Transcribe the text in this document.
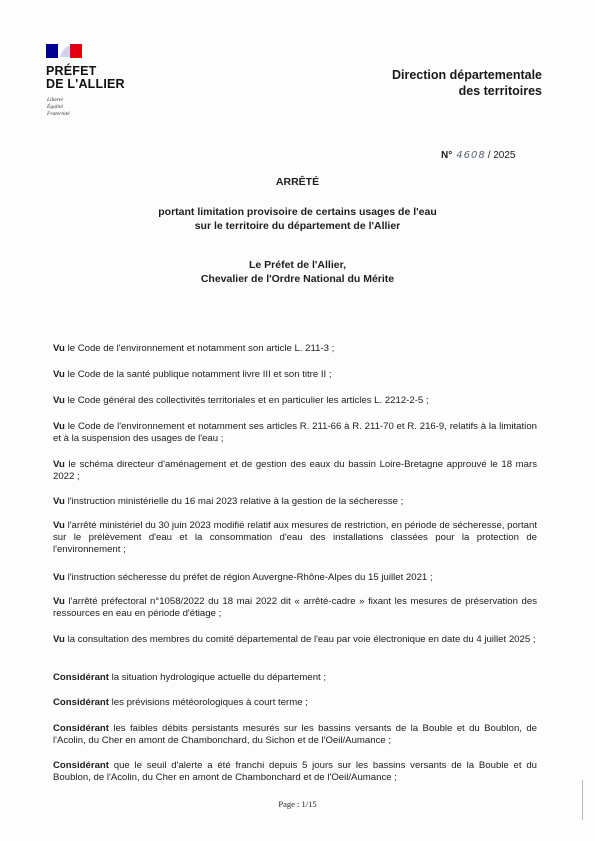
PRÉFET
DE L'ALLIER
Liberté
Égalité
Fraternité
Direction départementale
des territoires
N° 4608 / 2025
ARRÊTÉ
portant limitation provisoire de certains usages de l'eau
sur le territoire du département de l'Allier
Le Préfet de l'Allier,
Chevalier de l'Ordre National du Mérite
Vu le Code de l'environnement et notamment son article L. 211-3 ;
Vu le Code de la santé publique notamment livre III et son titre II ;
Vu le Code général des collectivités territoriales et en particulier les articles L. 2212-2-5 ;
Vu le Code de l'environnement et notamment ses articles R. 211-66 à R. 211-70 et R. 216-9, relatifs à la limitation et à la suspension des usages de l'eau ;
Vu le schéma directeur d'aménagement et de gestion des eaux du bassin Loire-Bretagne approuvé le 18 mars 2022 ;
Vu l'instruction ministérielle du 16 mai 2023 relative à la gestion de la sécheresse ;
Vu l'arrêté ministériel du 30 juin 2023 modifié relatif aux mesures de restriction, en période de sécheresse, portant sur le prélèvement d'eau et la consommation d'eau des installations classées pour la protection de l'environnement ;
Vu l'instruction sécheresse du préfet de région Auvergne-Rhône-Alpes du 15 juillet 2021 ;
Vu l'arrêté préfectoral n°1058/2022 du 18 mai 2022 dit « arrêté-cadre » fixant les mesures de préservation des ressources en eau en période d'étiage ;
Vu la consultation des membres du comité départemental de l'eau par voie électronique en date du 4 juillet 2025 ;
Considérant la situation hydrologique actuelle du département ;
Considérant les prévisions météorologiques à court terme ;
Considérant les faibles débits persistants mesurés sur les bassins versants de la Bouble et du Boublon, de l'Acolin, du Cher en amont de Chambonchard, du Sichon et de l'Oeil/Aumance ;
Considérant que le seuil d'alerte a été franchi depuis 5 jours sur les bassins versants de la Bouble et du Boublon, de l'Acolin, du Cher en amont de Chambonchard et de l'Oeil/Aumance ;
Page : 1/15
